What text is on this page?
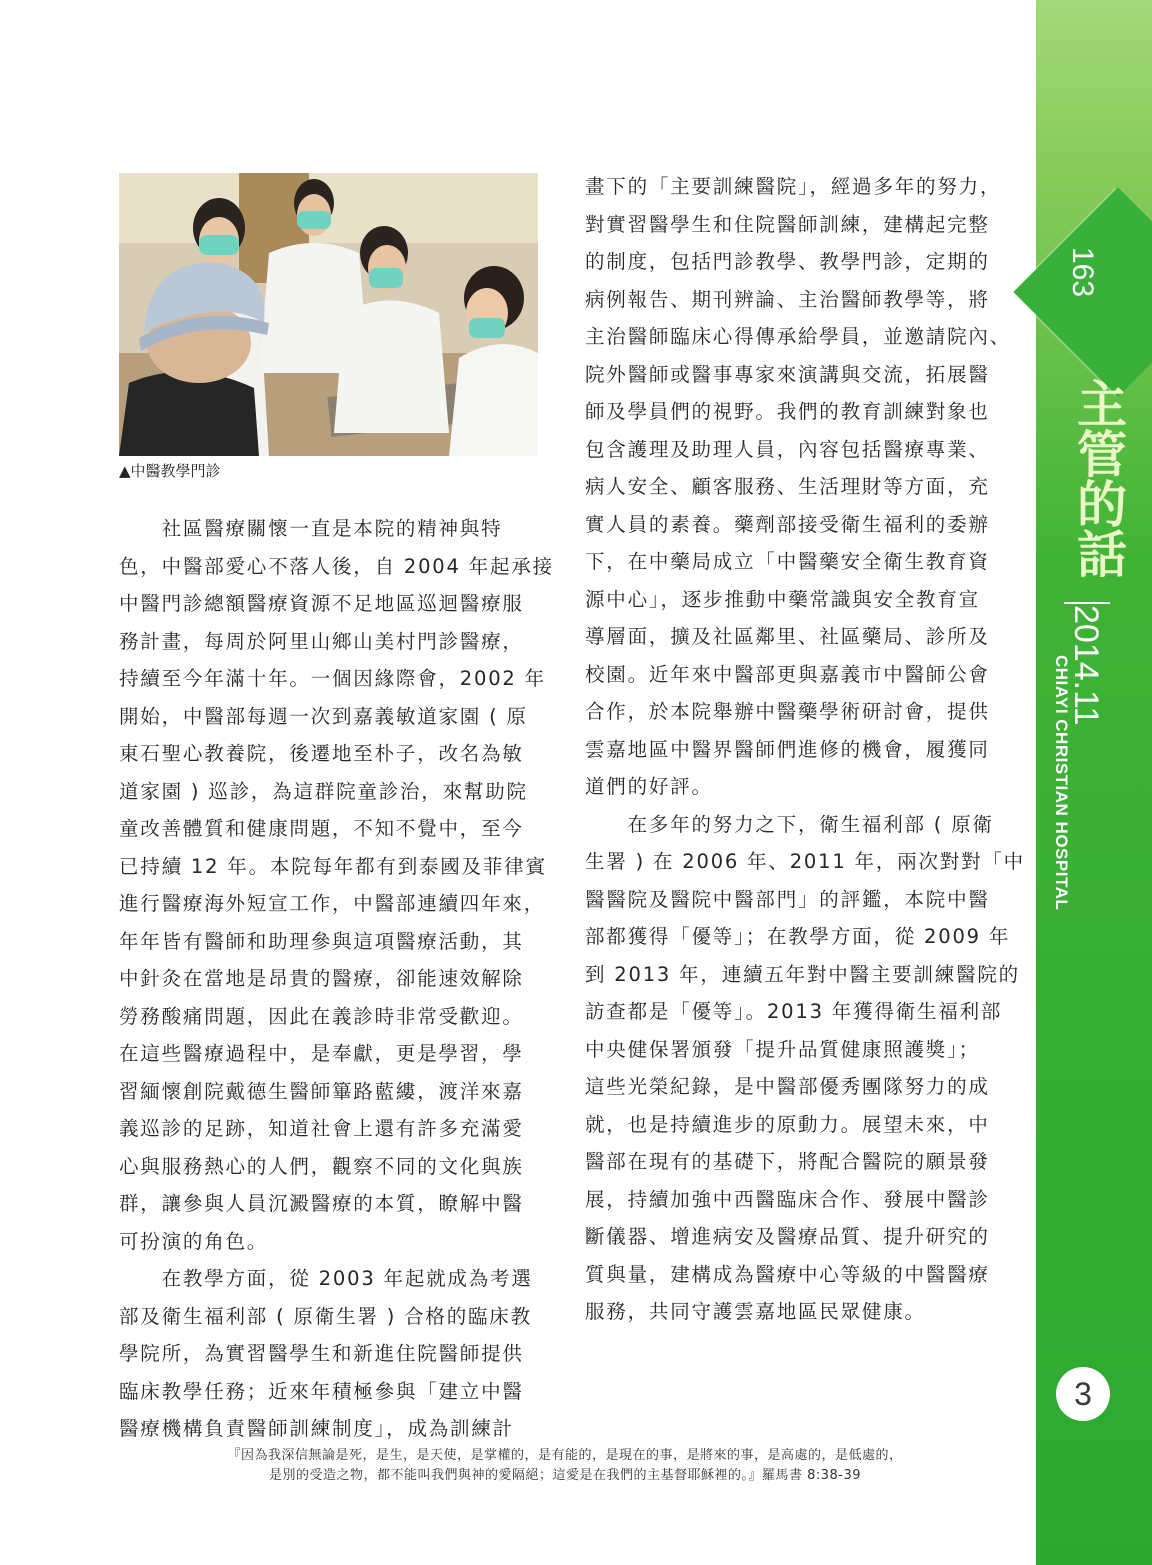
163
主管的話
2014.11
CHIAYI CHRISTIAN HOSPITAL
3
▲中醫教學門診
　　社區醫療關懷一直是本院的精神與特
色，中醫部愛心不落人後，自 2004 年起承接
中醫門診總額醫療資源不足地區巡迴醫療服
務計畫，每周於阿里山鄉山美村門診醫療，
持續至今年滿十年。一個因緣際會，2002 年
開始，中醫部每週一次到嘉義敏道家園 ( 原
東石聖心教養院，後遷地至朴子，改名為敏
道家園 ) 巡診，為這群院童診治，來幫助院
童改善體質和健康問題，不知不覺中，至今
已持續 12 年。本院每年都有到泰國及菲律賓
進行醫療海外短宣工作，中醫部連續四年來，
年年皆有醫師和助理參與這項醫療活動，其
中針灸在當地是昂貴的醫療，卻能速效解除
勞務酸痛問題，因此在義診時非常受歡迎。
在這些醫療過程中，是奉獻，更是學習，學
習緬懷創院戴德生醫師篳路藍縷，渡洋來嘉
義巡診的足跡，知道社會上還有許多充滿愛
心與服務熱心的人們，觀察不同的文化與族
群，讓參與人員沉澱醫療的本質，瞭解中醫
可扮演的角色。
　　在教學方面，從 2003 年起就成為考選
部及衛生福利部 ( 原衛生署 ) 合格的臨床教
學院所，為實習醫學生和新進住院醫師提供
臨床教學任務；近來年積極參與「建立中醫
醫療機構負責醫師訓練制度」，成為訓練計
畫下的「主要訓練醫院」，經過多年的努力，
對實習醫學生和住院醫師訓練，建構起完整
的制度，包括門診教學、教學門診，定期的
病例報告、期刊辨論、主治醫師教學等，將
主治醫師臨床心得傳承給學員，並邀請院內、
院外醫師或醫事專家來演講與交流，拓展醫
師及學員們的視野。我們的教育訓練對象也
包含護理及助理人員，內容包括醫療專業、
病人安全、顧客服務、生活理財等方面，充
實人員的素養。藥劑部接受衛生福利的委辦
下，在中藥局成立「中醫藥安全衛生教育資
源中心」，逐步推動中藥常識與安全教育宣
導層面，擴及社區鄰里、社區藥局、診所及
校園。近年來中醫部更與嘉義市中醫師公會
合作，於本院舉辦中醫藥學術研討會，提供
雲嘉地區中醫界醫師們進修的機會，履獲同
道們的好評。
　　在多年的努力之下，衛生福利部 ( 原衛
生署 ) 在 2006 年、2011 年，兩次對對「中
醫醫院及醫院中醫部門」的評鑑，本院中醫
部都獲得「優等」；在教學方面，從 2009 年
到 2013 年，連續五年對中醫主要訓練醫院的
訪查都是「優等」。2013 年獲得衛生福利部
中央健保署頒發「提升品質健康照護獎」；
這些光榮紀錄，是中醫部優秀團隊努力的成
就，也是持續進步的原動力。展望未來，中
醫部在現有的基礎下，將配合醫院的願景發
展，持續加強中西醫臨床合作、發展中醫診
斷儀器、增進病安及醫療品質、提升研究的
質與量，建構成為醫療中心等級的中醫醫療
服務，共同守護雲嘉地區民眾健康。
『因為我深信無論是死，是生，是天使，是掌權的，是有能的，是現在的事，是將來的事，是高處的，是低處的，
是別的受造之物，都不能叫我們與神的愛隔絕；這愛是在我們的主基督耶穌裡的。』羅馬書 8:38-39
